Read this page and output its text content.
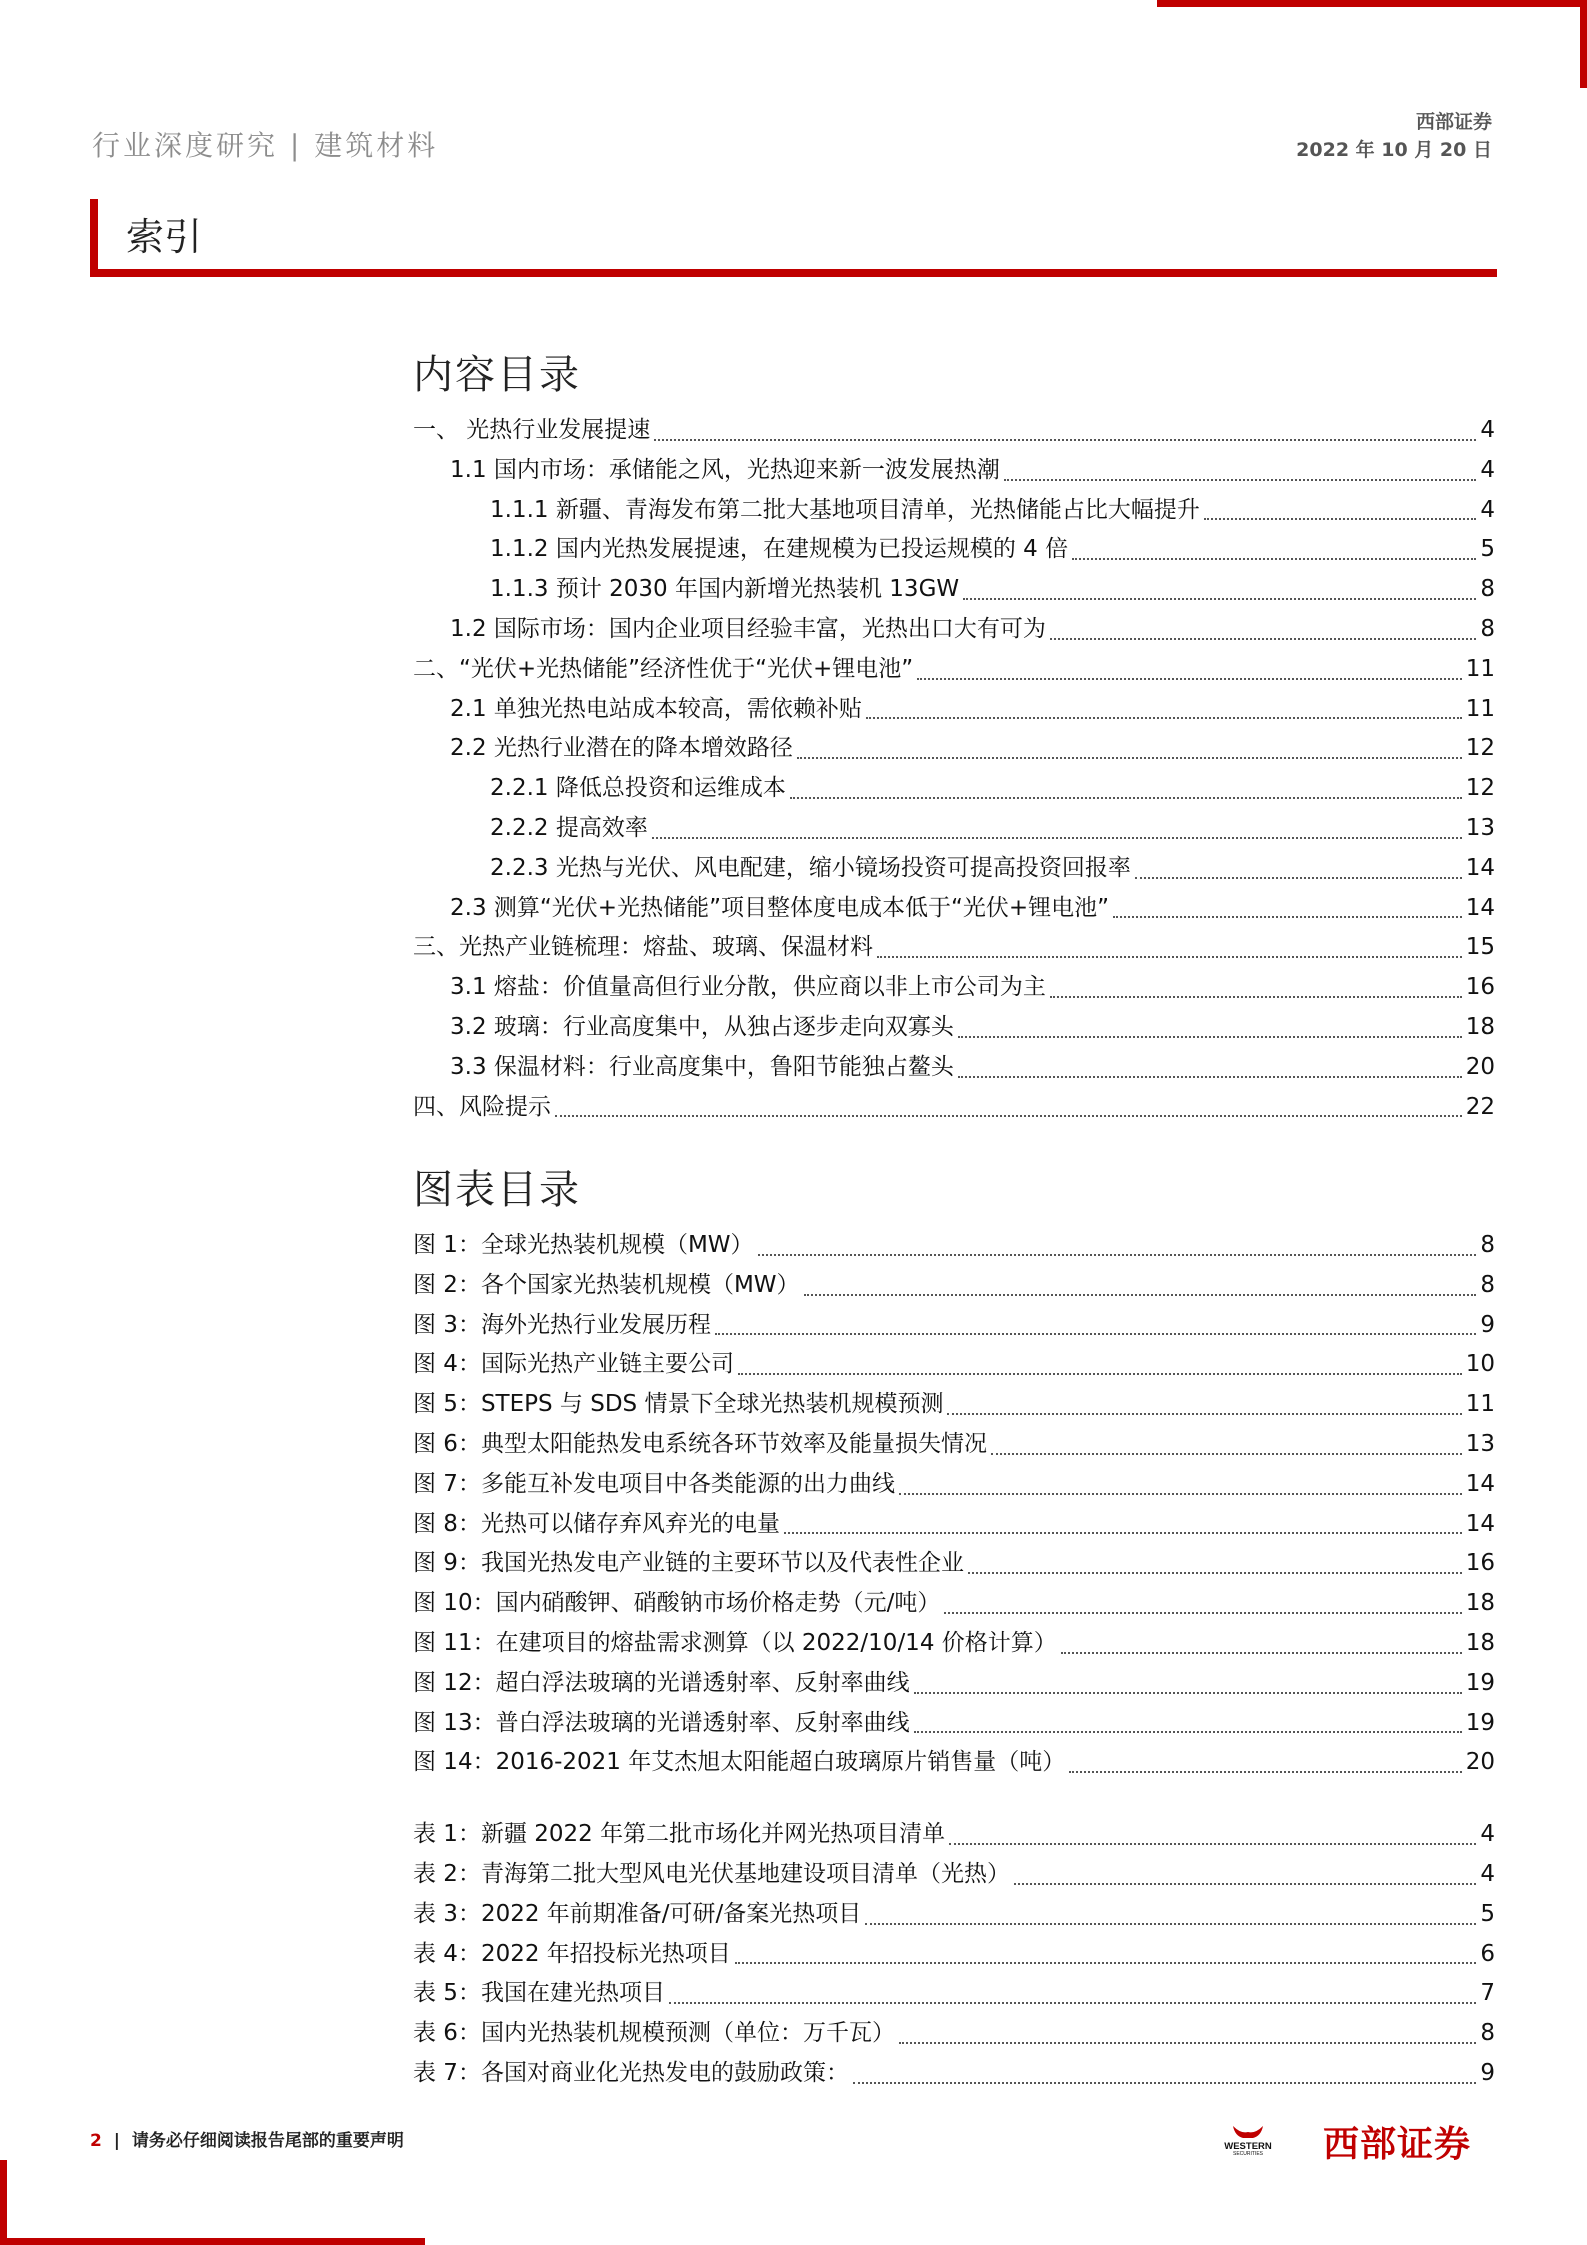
行业深度研究 | 建筑材料
西部证券
2022 年 10 月 20 日
索引
内容目录
一、 光热行业发展提速	4
1.1 国内市场：承储能之风，光热迎来新一波发展热潮	4
1.1.1 新疆、青海发布第二批大基地项目清单，光热储能占比大幅提升	4
1.1.2 国内光热发展提速，在建规模为已投运规模的 4 倍	5
1.1.3 预计 2030 年国内新增光热装机 13GW	8
1.2 国际市场：国内企业项目经验丰富，光热出口大有可为	8
二、“光伏+光热储能”经济性优于“光伏+锂电池”	11
2.1 单独光热电站成本较高，需依赖补贴	11
2.2 光热行业潜在的降本增效路径	12
2.2.1 降低总投资和运维成本	12
2.2.2 提高效率	13
2.2.3 光热与光伏、风电配建，缩小镜场投资可提高投资回报率	14
2.3 测算“光伏+光热储能”项目整体度电成本低于“光伏+锂电池”	14
三、光热产业链梳理：熔盐、玻璃、保温材料	15
3.1 熔盐：价值量高但行业分散，供应商以非上市公司为主	16
3.2 玻璃：行业高度集中，从独占逐步走向双寡头	18
3.3 保温材料：行业高度集中，鲁阳节能独占鳌头	20
四、风险提示	22
图表目录
图 1：全球光热装机规模（MW）	8
图 2：各个国家光热装机规模（MW）	8
图 3：海外光热行业发展历程	9
图 4：国际光热产业链主要公司	10
图 5：STEPS 与 SDS 情景下全球光热装机规模预测	11
图 6：典型太阳能热发电系统各环节效率及能量损失情况	13
图 7：多能互补发电项目中各类能源的出力曲线	14
图 8：光热可以储存弃风弃光的电量	14
图 9：我国光热发电产业链的主要环节以及代表性企业	16
图 10：国内硝酸钾、硝酸钠市场价格走势（元/吨）	18
图 11：在建项目的熔盐需求测算（以 2022/10/14 价格计算）	18
图 12：超白浮法玻璃的光谱透射率、反射率曲线	19
图 13：普白浮法玻璃的光谱透射率、反射率曲线	19
图 14：2016-2021 年艾杰旭太阳能超白玻璃原片销售量（吨）	20
表 1：新疆 2022 年第二批市场化并网光热项目清单	4
表 2：青海第二批大型风电光伏基地建设项目清单（光热）	4
表 3：2022 年前期准备/可研/备案光热项目	5
表 4：2022 年招投标光热项目	6
表 5：我国在建光热项目	7
表 6：国内光热装机规模预测（单位：万千瓦）	8
表 7：各国对商业化光热发电的鼓励政策：	9
2 | 请务必仔细阅读报告尾部的重要声明	WESTERN
SECURITIES 西部证券
